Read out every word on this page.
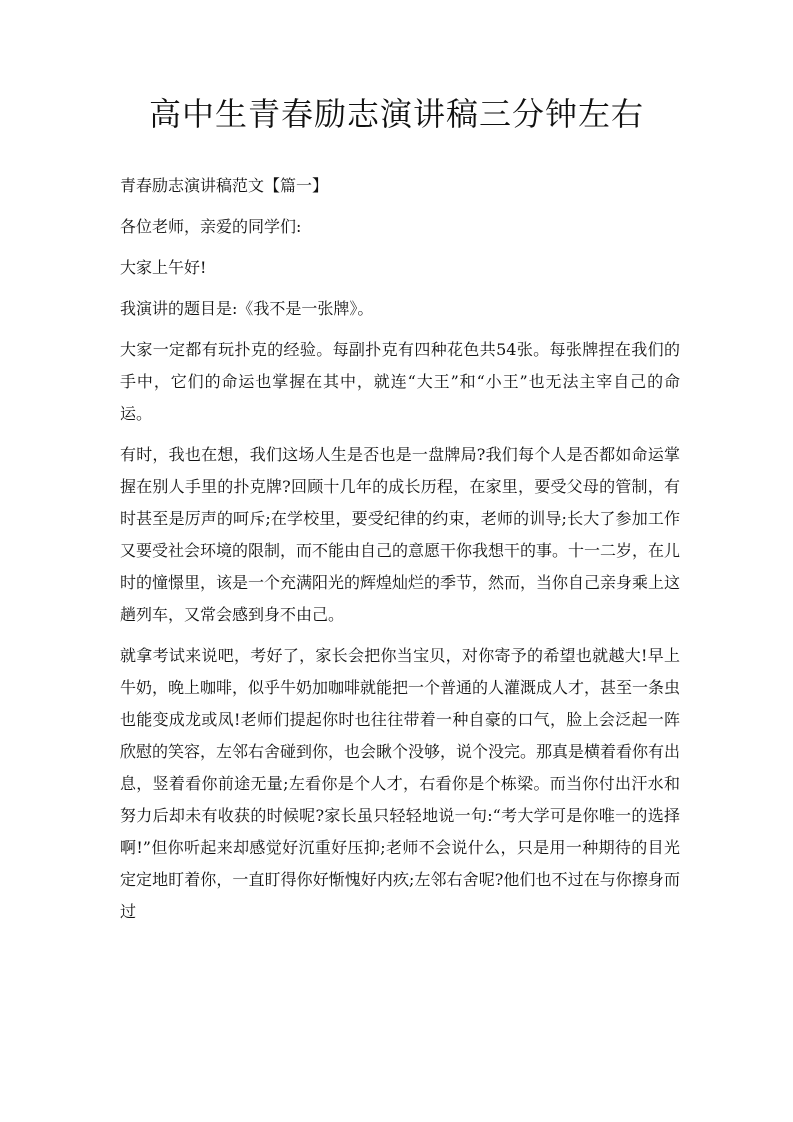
高中生青春励志演讲稿三分钟左右

青春励志演讲稿范文【篇一】

各位老师，亲爱的同学们:

大家上午好!

我演讲的题目是:《我不是一张牌》。

大家一定都有玩扑克的经验。每副扑克有四种花色共54张。每张牌捏在我们的手中，它们的命运也掌握在其中，就连“大王”和“小王”也无法主宰自己的命运。

有时，我也在想，我们这场人生是否也是一盘牌局?我们每个人是否都如命运掌握在别人手里的扑克牌?回顾十几年的成长历程，在家里，要受父母的管制，有时甚至是厉声的呵斥;在学校里，要受纪律的约束，老师的训导;长大了参加工作又要受社会环境的限制，而不能由自己的意愿干你我想干的事。十一二岁，在儿时的憧憬里，该是一个充满阳光的辉煌灿烂的季节，然而，当你自己亲身乘上这趟列车，又常会感到身不由己。

就拿考试来说吧，考好了，家长会把你当宝贝，对你寄予的希望也就越大!早上牛奶，晚上咖啡，似乎牛奶加咖啡就能把一个普通的人灌溉成人才，甚至一条虫也能变成龙或凤!老师们提起你时也往往带着一种自豪的口气，脸上会泛起一阵欣慰的笑容，左邻右舍碰到你，也会瞅个没够，说个没完。那真是横着看你有出息，竖着看你前途无量;左看你是个人才，右看你是个栋梁。而当你付出汗水和努力后却未有收获的时候呢?家长虽只轻轻地说一句:“考大学可是你唯一的选择啊!”但你听起来却感觉好沉重好压抑;老师不会说什么，只是用一种期待的目光定定地盯着你，一直盯得你好惭愧好内疚;左邻右舍呢?他们也不过在与你擦身而过
